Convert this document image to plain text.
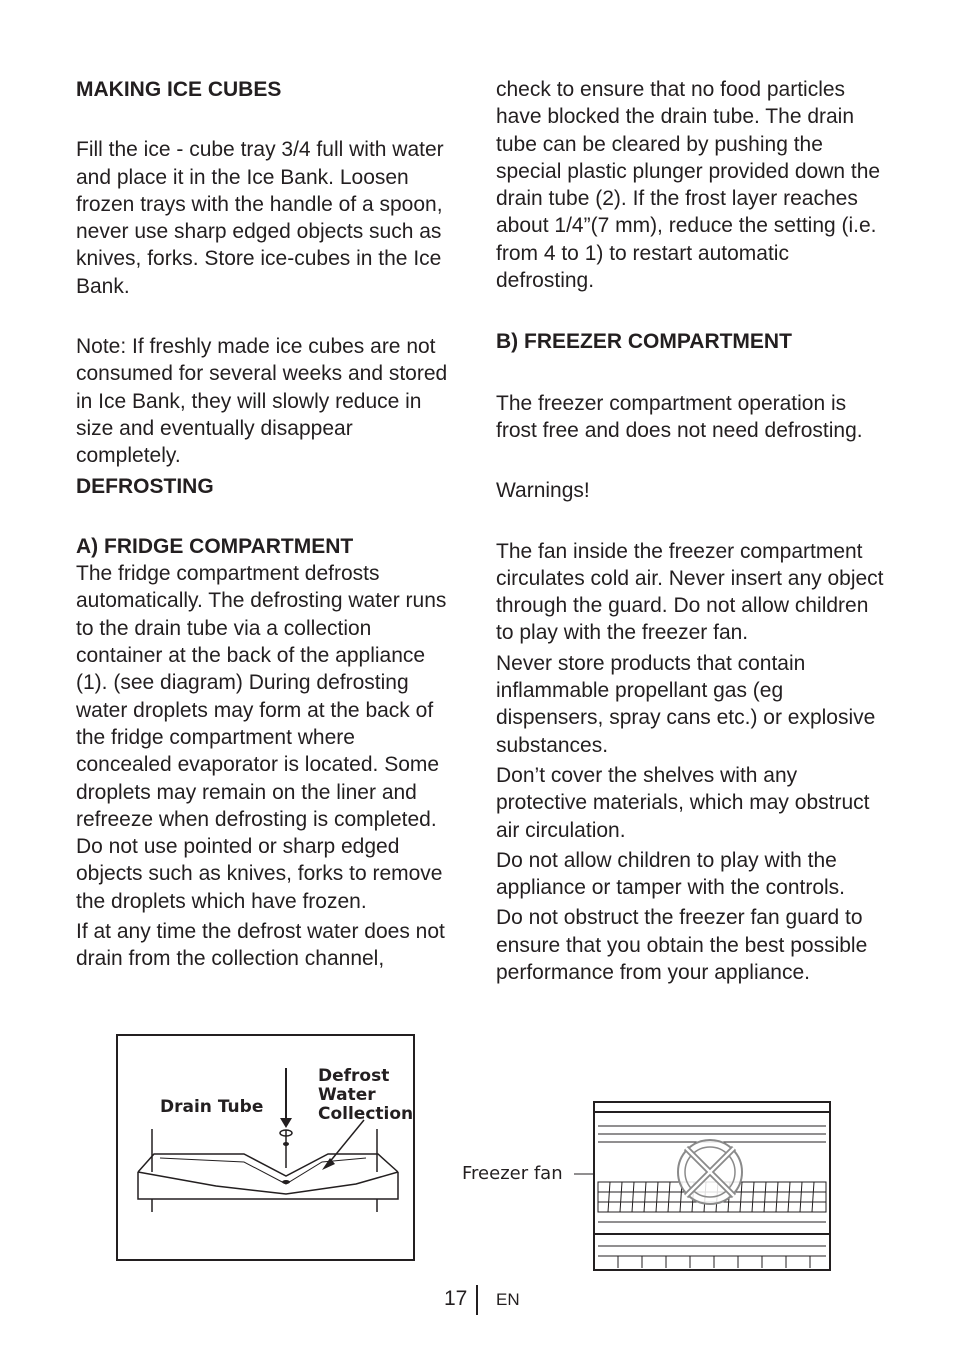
MAKING ICE CUBES

Fill the ice - cube tray 3/4 full with water and place it in the Ice Bank. Loosen frozen trays with the handle of a spoon, never use sharp edged objects such as knives, forks. Store ice-cubes in the Ice Bank.

Note: If freshly made ice cubes are not consumed for several weeks and stored in Ice Bank, they will slowly reduce in size and eventually disappear completely.

DEFROSTING

A) FRIDGE COMPARTMENT

The fridge compartment defrosts automatically. The defrosting water runs to the drain tube via a collection container at the back of the appliance (1). (see diagram) During defrosting water droplets may form at the back of the fridge compartment where concealed evaporator is located. Some droplets may remain on the liner and refreeze when defrosting is completed. Do not use pointed or sharp edged objects such as knives, forks to remove the droplets which have frozen.

If at any time the defrost water does not drain from the collection channel,

check to ensure that no food particles have blocked the drain tube. The drain tube can be cleared by pushing the special plastic plunger provided down the drain tube (2). If the frost layer reaches about 1/4”(7 mm), reduce the setting (i.e. from 4 to 1) to restart automatic defrosting.

B) FREEZER COMPARTMENT

The freezer compartment operation is frost free and does not need defrosting.

Warnings!

The fan inside the freezer compartment circulates cold air. Never insert any object through the guard. Do not allow children to play with the freezer fan.

Never store products that contain inflammable propellant gas (eg dispensers, spray cans etc.) or explosive substances.

Don’t cover the shelves with any protective materials, which may obstruct air circulation.

Do not allow children to play with the appliance or tamper with the controls.

Do not obstruct the freezer fan guard to ensure that you obtain the best possible performance from your appliance.

Drain Tube
Defrost
Water
Collection
Freezer fan
17 EN
